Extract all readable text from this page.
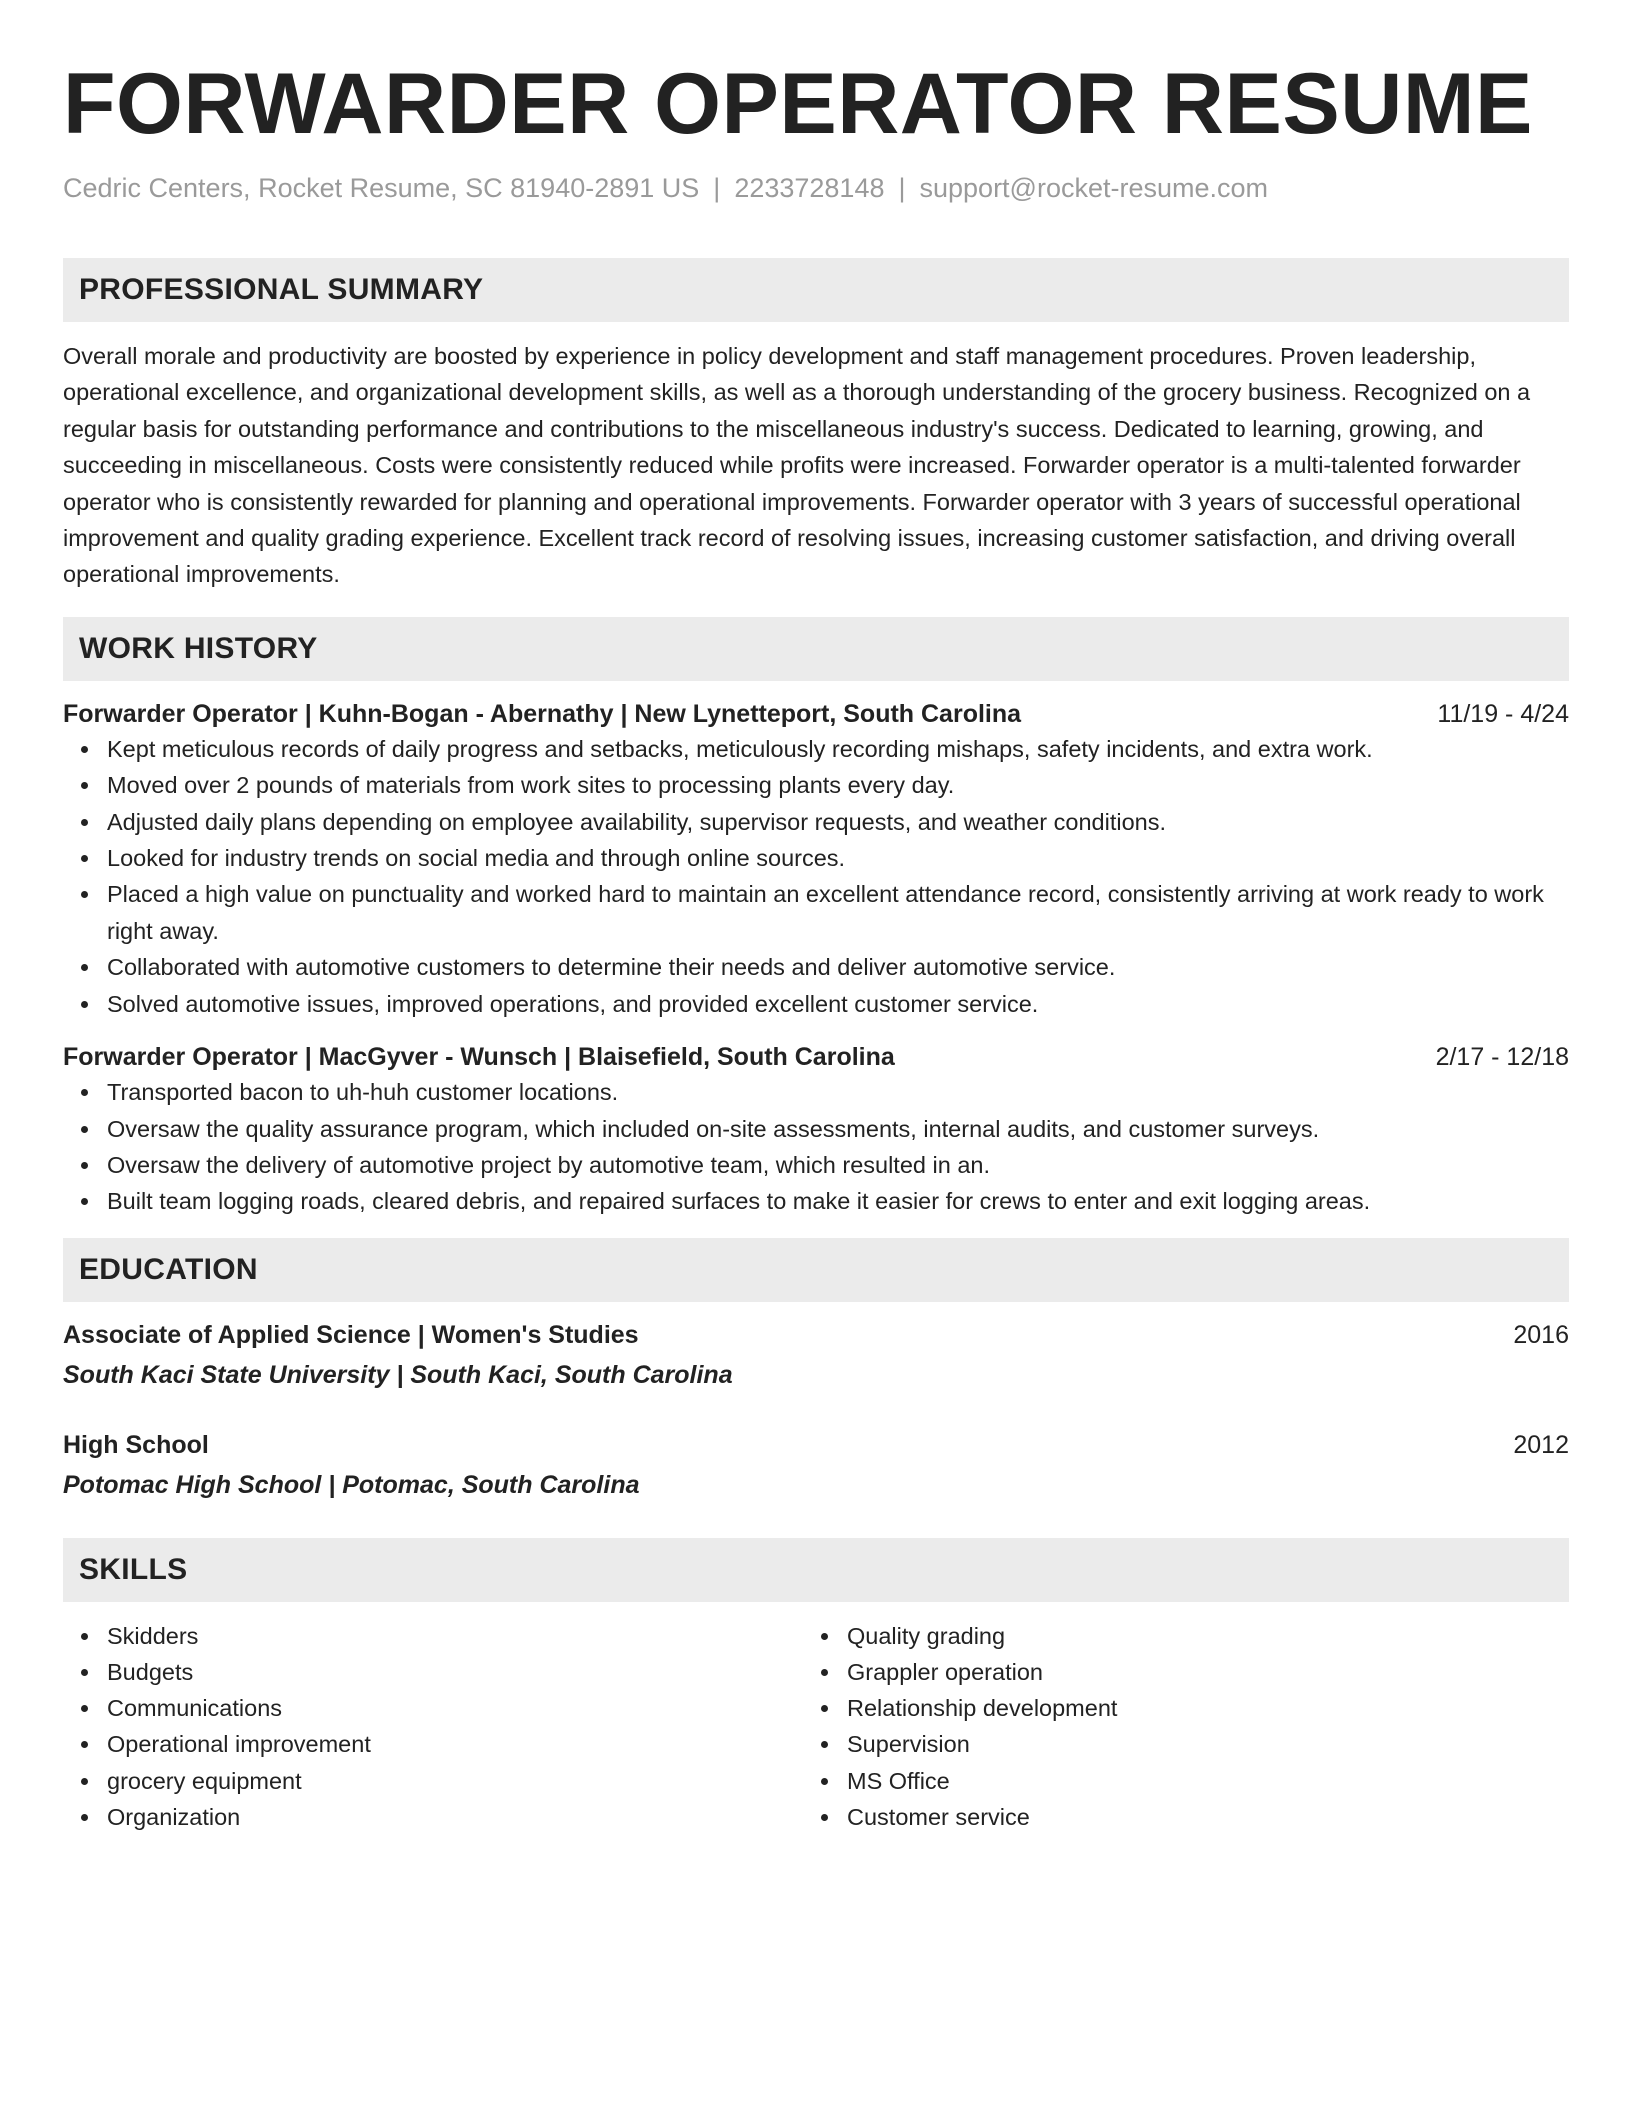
FORWARDER OPERATOR RESUME
Cedric Centers, Rocket Resume, SC 81940-2891 US | 2233728148 | support@rocket-resume.com
PROFESSIONAL SUMMARY
Overall morale and productivity are boosted by experience in policy development and staff management procedures. Proven leadership, operational excellence, and organizational development skills, as well as a thorough understanding of the grocery business. Recognized on a regular basis for outstanding performance and contributions to the miscellaneous industry's success. Dedicated to learning, growing, and succeeding in miscellaneous. Costs were consistently reduced while profits were increased. Forwarder operator is a multi-talented forwarder operator who is consistently rewarded for planning and operational improvements. Forwarder operator with 3 years of successful operational improvement and quality grading experience. Excellent track record of resolving issues, increasing customer satisfaction, and driving overall operational improvements.
WORK HISTORY
Forwarder Operator | Kuhn-Bogan - Abernathy | New Lynetteport, South Carolina	11/19 - 4/24
Kept meticulous records of daily progress and setbacks, meticulously recording mishaps, safety incidents, and extra work.
Moved over 2 pounds of materials from work sites to processing plants every day.
Adjusted daily plans depending on employee availability, supervisor requests, and weather conditions.
Looked for industry trends on social media and through online sources.
Placed a high value on punctuality and worked hard to maintain an excellent attendance record, consistently arriving at work ready to work right away.
Collaborated with automotive customers to determine their needs and deliver automotive service.
Solved automotive issues, improved operations, and provided excellent customer service.
Forwarder Operator | MacGyver - Wunsch | Blaisefield, South Carolina	2/17 - 12/18
Transported bacon to uh-huh customer locations.
Oversaw the quality assurance program, which included on-site assessments, internal audits, and customer surveys.
Oversaw the delivery of automotive project by automotive team, which resulted in an.
Built team logging roads, cleared debris, and repaired surfaces to make it easier for crews to enter and exit logging areas.
EDUCATION
Associate of Applied Science | Women's Studies	2016
South Kaci State University | South Kaci, South Carolina
High School	2012
Potomac High School | Potomac, South Carolina
SKILLS
Skidders
Budgets
Communications
Operational improvement
grocery equipment
Organization
Quality grading
Grappler operation
Relationship development
Supervision
MS Office
Customer service
